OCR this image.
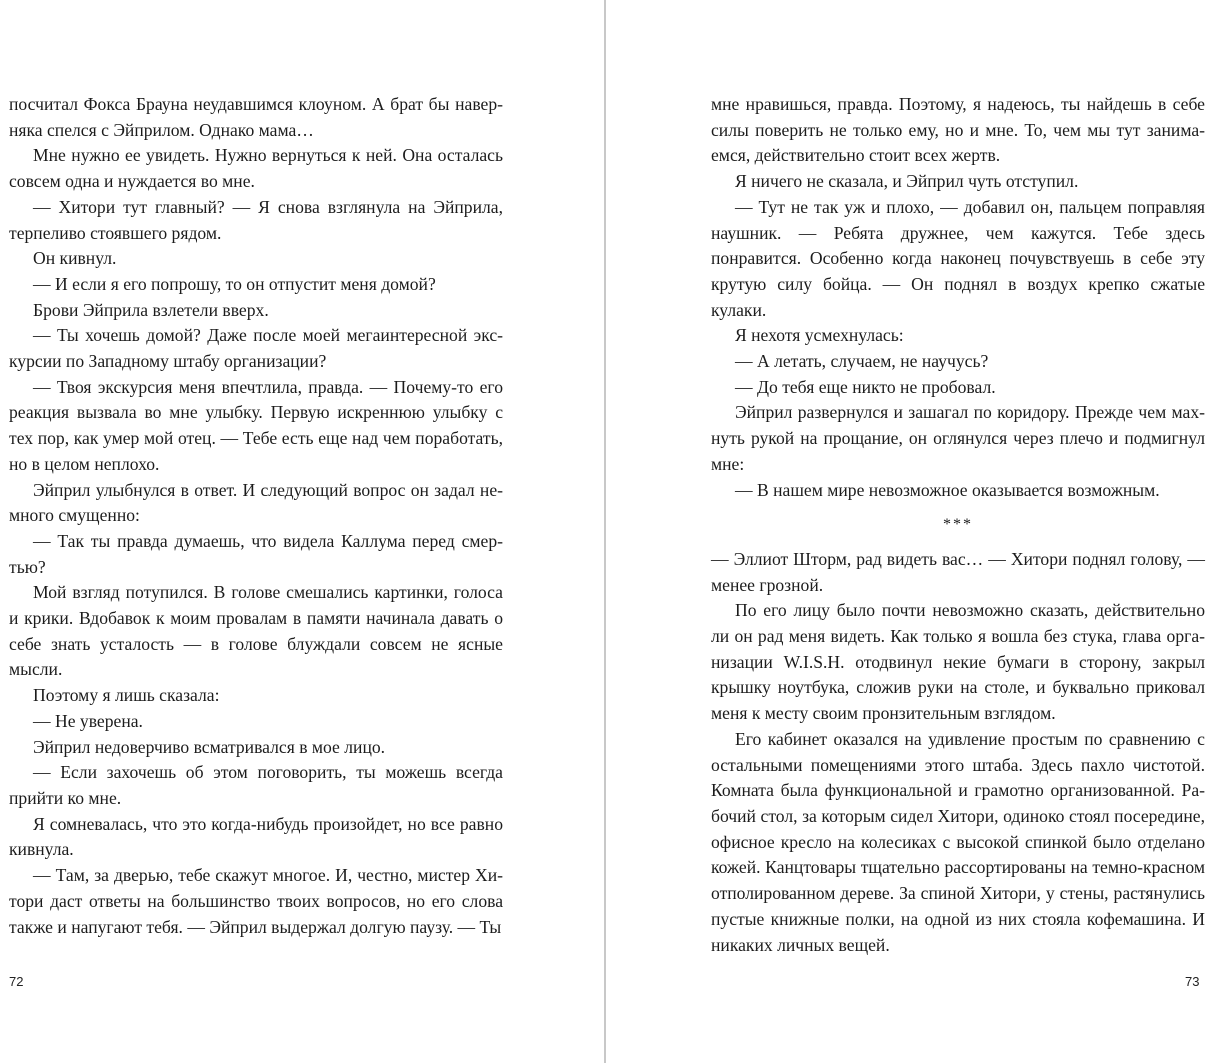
посчитал Фокса Брауна неудавшимся клоуном. А брат бы наверняка спелся с Эйприлом. Однако мама…

Мне нужно ее увидеть. Нужно вернуться к ней. Она осталась совсем одна и нуждается во мне.

— Хитори тут главный? — Я снова взглянула на Эйприла, терпеливо стоявшего рядом.

Он кивнул.

— И если я его попрошу, то он отпустит меня домой?

Брови Эйприла взлетели вверх.

— Ты хочешь домой? Даже после моей мегаинтересной экскурсии по Западному штабу организации?

— Твоя экскурсия меня впечтлила, правда. — Почему-то его реакция вызвала во мне улыбку. Первую искреннюю улыбку с тех пор, как умер мой отец. — Тебе есть еще над чем поработать, но в целом неплохо.

Эйприл улыбнулся в ответ. И следующий вопрос он задал немного смущенно:

— Так ты правда думаешь, что видела Каллума перед смертью?

Мой взгляд потупился. В голове смешались картинки, голоса и крики. Вдобавок к моим провалам в памяти начинала давать о себе знать усталость — в голове блуждали совсем не ясные мысли.

Поэтому я лишь сказала:

— Не уверена.

Эйприл недоверчиво всматривался в мое лицо.

— Если захочешь об этом поговорить, ты можешь всегда прийти ко мне.

Я сомневалась, что это когда-нибудь произойдет, но все равно кивнула.

— Там, за дверью, тебе скажут многое. И, честно, мистер Хитори даст ответы на большинство твоих вопросов, но его слова также и напугают тебя. — Эйприл выдержал долгую паузу. — Ты

72

мне нравишься, правда. Поэтому, я надеюсь, ты найдешь в себе силы поверить не только ему, но и мне. То, чем мы тут занимаемся, действительно стоит всех жертв.

Я ничего не сказала, и Эйприл чуть отступил.

— Тут не так уж и плохо, — добавил он, пальцем поправляя наушник. — Ребята дружнее, чем кажутся. Тебе здесь понравится. Особенно когда наконец почувствуешь в себе эту крутую силу бойца. — Он поднял в воздух крепко сжатые кулаки.

Я нехотя усмехнулась:

— А летать, случаем, не научусь?

— До тебя еще никто не пробовал.

Эйприл развернулся и зашагал по коридору. Прежде чем махнуть рукой на прощание, он оглянулся через плечо и подмигнул мне:

— В нашем мире невозможное оказывается возможным.

***

— Эллиот Шторм, рад видеть вас… — Хитори поднял голову, — менее грозной.

По его лицу было почти невозможно сказать, действительно ли он рад меня видеть. Как только я вошла без стука, глава организации W.I.S.H. отодвинул некие бумаги в сторону, закрыл крышку ноутбука, сложив руки на столе, и буквально приковал меня к месту своим пронзительным взглядом.

Его кабинет оказался на удивление простым по сравнению с остальными помещениями этого штаба. Здесь пахло чистотой. Комната была функциональной и грамотно организованной. Рабочий стол, за которым сидел Хитори, одиноко стоял посередине, офисное кресло на колесиках с высокой спинкой было отделано кожей. Канцтовары тщательно рассортированы на темно-красном отполированном дереве. За спиной Хитори, у стены, растянулись пустые книжные полки, на одной из них стояла кофемашина. И никаких личных вещей.

73
